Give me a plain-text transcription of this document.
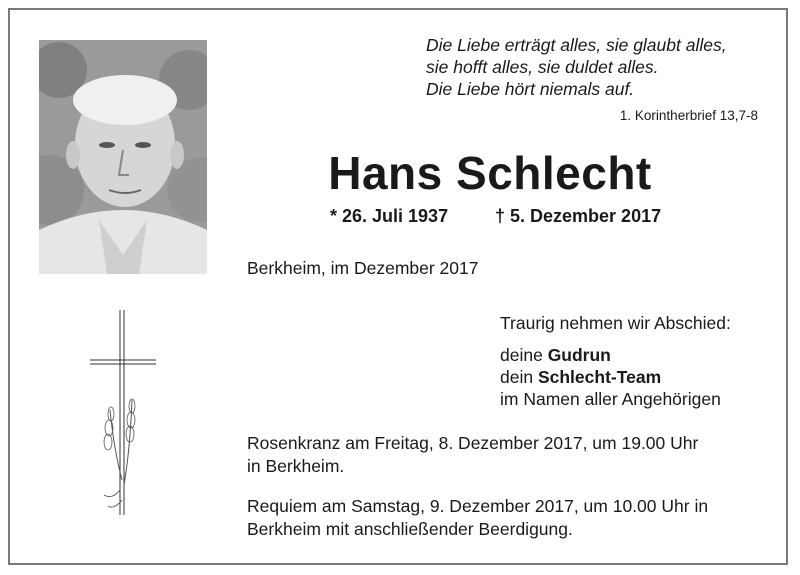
Die Liebe erträgt alles, sie glaubt alles,
sie hofft alles, sie duldet alles.
Die Liebe hört niemals auf.
1. Korintherbrief 13,7-8
Hans Schlecht
* 26. Juli 1937	† 5. Dezember 2017
Berkheim, im Dezember 2017
Traurig nehmen wir Abschied:
deine Gudrun
dein Schlecht-Team
im Namen aller Angehörigen
Rosenkranz am Freitag, 8. Dezember 2017, um 19.00 Uhr
in Berkheim.
Requiem am Samstag, 9. Dezember 2017, um 10.00 Uhr in
Berkheim mit anschließender Beerdigung.
